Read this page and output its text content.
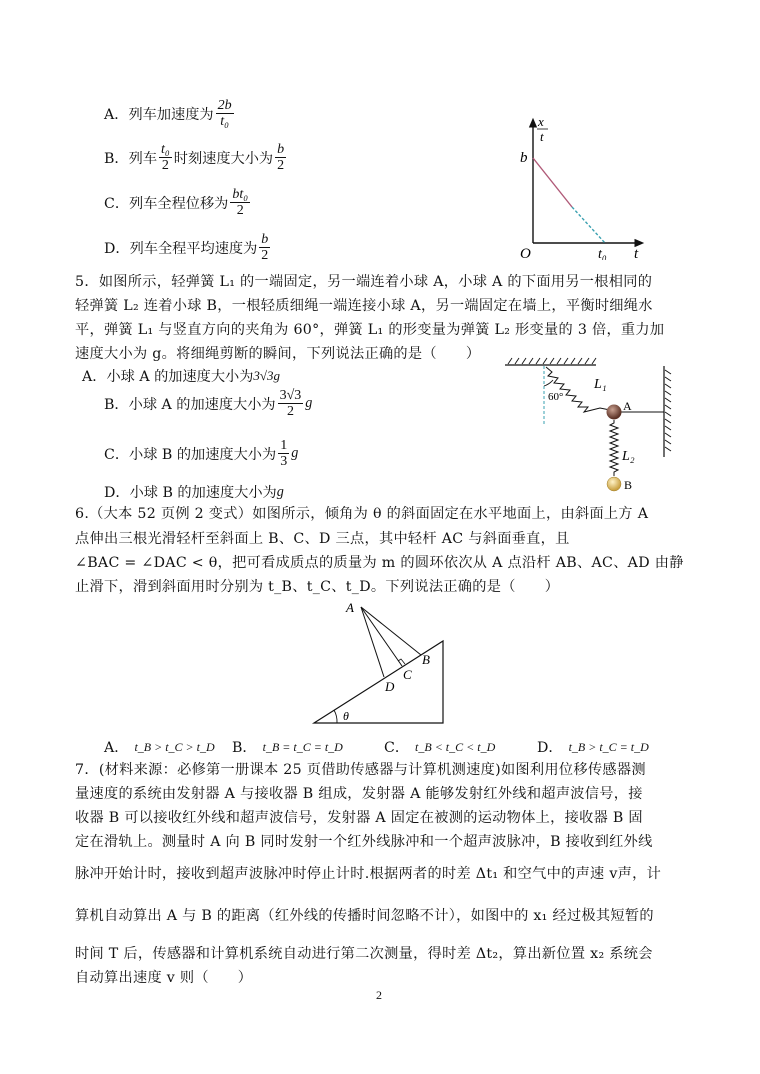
A． 列车加速度为 $\frac{2b}{\text{t₀}}$
B． 列车 $\frac{\text{t₀}}{2}$ 时刻速度大小为 $\frac{b}{2}$
C． 列车全程位移为 $\frac{\text{bt₀}}{2}$
D． 列车全程平均速度为 $\frac{b}{2}$
x
t
b
O	t₀ t
5．如图所示，轻弹簧 L₁ 的一端固定，另一端连着小球 A，小球 A 的下面用另一根相同的
轻弹簧 L₂ 连着小球 B，一根轻质细绳一端连接小球 A，另一端固定在墙上，平衡时细绳水
平，弹簧 L₁ 与竖直方向的夹角为 60°，弹簧 L₁ 的形变量为弹簧 L₂ 形变量的 3 倍，重力加
速度大小为 g。将细绳剪断的瞬间，下列说法正确的是（　　）
A． 小球 A 的加速度大小为 3√3g
B． 小球 A 的加速度大小为 $\frac{3√3}{2}$ g
C． 小球 B 的加速度大小为 $\frac{1}{3}$ g
D． 小球 B 的加速度大小为 g
60°
L₁
A
L₂
B
6.（大本 52 页例 2 变式）如图所示，倾角为 θ 的斜面固定在水平地面上，由斜面上方 A
点伸出三根光滑轻杆至斜面上 B、C、D 三点，其中轻杆 AC 与斜面垂直，且
∠BAC = ∠DAC < θ，把可看成质点的质量为 m 的圆环依次从 A 点沿杆 AB、AC、AD 由静
止滑下，滑到斜面用时分别为 t_B、t_C、t_D。下列说法正确的是（　　）
θ
A
B
C
D
A． t_B > t_C > t_D B． t_B = t_C = t_D	C． t_B < t_C < t_D	D． t_B > t_C = t_D
7．(材料来源：必修第一册课本 25 页借助传感器与计算机测速度)如图利用位移传感器测
量速度的系统由发射器 A 与接收器 B 组成，发射器 A 能够发射红外线和超声波信号，接
收器 B 可以接收红外线和超声波信号，发射器 A 固定在被测的运动物体上，接收器 B 固
定在滑轨上。测量时 A 向 B 同时发射一个红外线脉冲和一个超声波脉冲，B 接收到红外线
脉冲开始计时，接收到超声波脉冲时停止计时.根据两者的时差 Δt₁ 和空气中的声速 v声，计
算机自动算出 A 与 B 的距离（红外线的传播时间忽略不计），如图中的 x₁ 经过极其短暂的
时间 T 后，传感器和计算机系统自动进行第二次测量，得时差 Δt₂，算出新位置 x₂ 系统会
自动算出速度 v 则（　　）
2
